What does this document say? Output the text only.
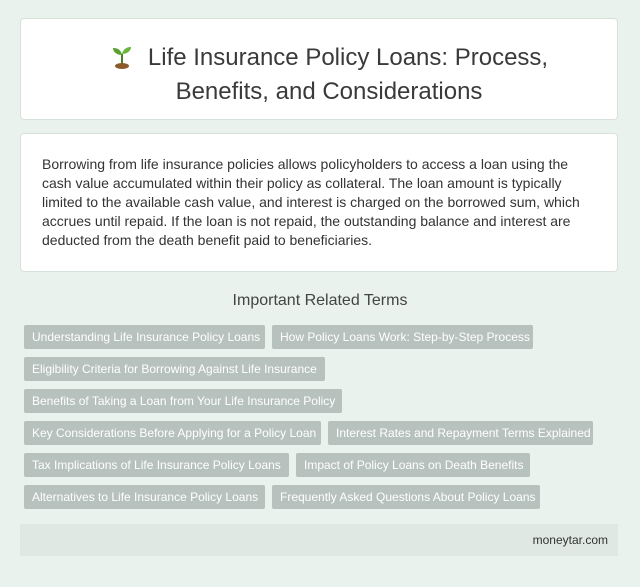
Life Insurance Policy Loans: Process, Benefits, and Considerations
Borrowing from life insurance policies allows policyholders to access a loan using the cash value accumulated within their policy as collateral. The loan amount is typically limited to the available cash value, and interest is charged on the borrowed sum, which accrues until repaid. If the loan is not repaid, the outstanding balance and interest are deducted from the death benefit paid to beneficiaries.
Important Related Terms
Understanding Life Insurance Policy Loans	How Policy Loans Work: Step-by-Step Process
Eligibility Criteria for Borrowing Against Life Insurance
Benefits of Taking a Loan from Your Life Insurance Policy
Key Considerations Before Applying for a Policy Loan	Interest Rates and Repayment Terms Explained
Tax Implications of Life Insurance Policy Loans	Impact of Policy Loans on Death Benefits
Alternatives to Life Insurance Policy Loans	Frequently Asked Questions About Policy Loans
moneytar.com
